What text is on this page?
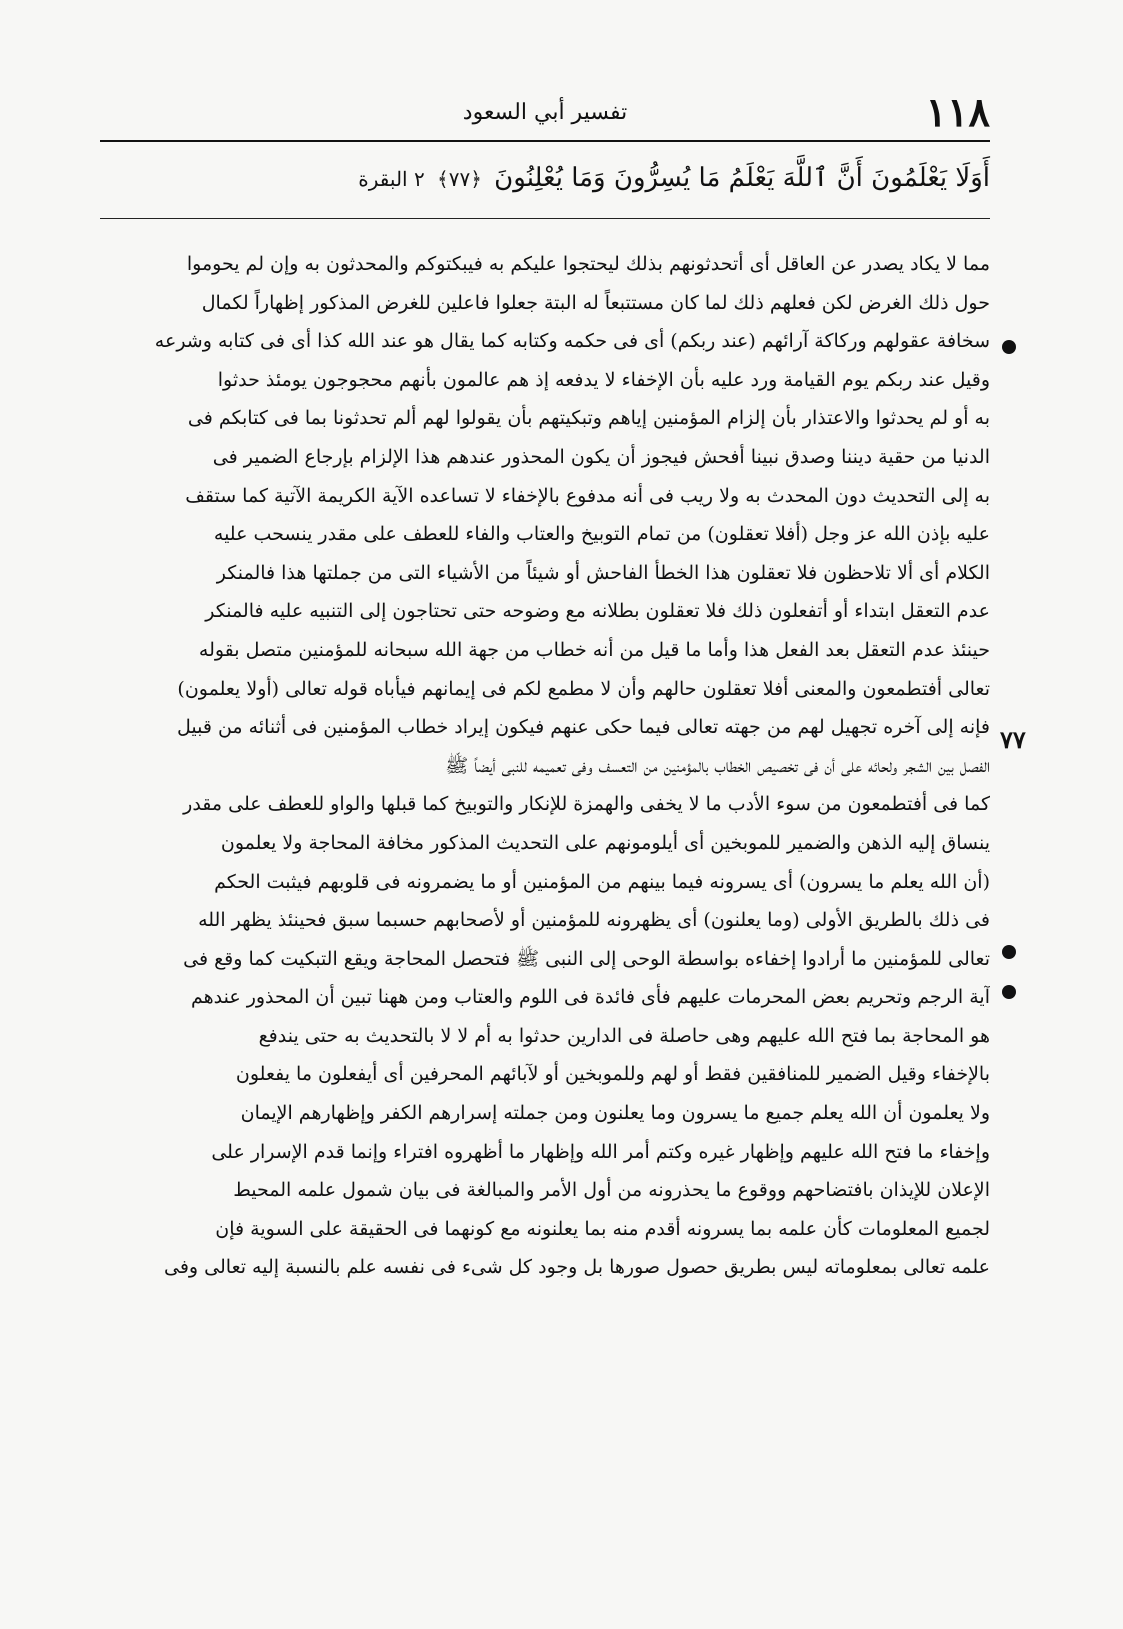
١١٨
تفسير أبي السعود
أَوَلَا يَعْلَمُونَ أَنَّ ٱللَّهَ يَعْلَمُ مَا يُسِرُّونَ وَمَا يُعْلِنُونَ ﴿٧٧﴾ ٢ البقرة
مما لا يكاد يصدر عن العاقل أى أتحدثونهم بذلك ليحتجوا عليكم به فيبكتوكم والمحدثون به وإن لم يحوموا
حول ذلك الغرض لكن فعلهم ذلك لما كان مستتبعاً له البتة جعلوا فاعلين للغرض المذكور إظهاراً لكمال
سخافة عقولهم وركاكة آرائهم (عند ربكم) أى فى حكمه وكتابه كما يقال هو عند الله كذا أى فى كتابه وشرعه
وقيل عند ربكم يوم القيامة ورد عليه بأن الإخفاء لا يدفعه إذ هم عالمون بأنهم محجوجون يومئذ حدثوا
به أو لم يحدثوا والاعتذار بأن إلزام المؤمنين إياهم وتبكيتهم بأن يقولوا لهم ألم تحدثونا بما فى كتابكم فى
الدنيا من حقية ديننا وصدق نبينا أفحش فيجوز أن يكون المحذور عندهم هذا الإلزام بإرجاع الضمير فى
به إلى التحديث دون المحدث به ولا ريب فى أنه مدفوع بالإخفاء لا تساعده الآية الكريمة الآتية كما ستقف
عليه بإذن الله عز وجل (أفلا تعقلون) من تمام التوبيخ والعتاب والفاء للعطف على مقدر ينسحب عليه
الكلام أى ألا تلاحظون فلا تعقلون هذا الخطأ الفاحش أو شيئاً من الأشياء التى من جملتها هذا فالمنكر
عدم التعقل ابتداء أو أتفعلون ذلك فلا تعقلون بطلانه مع وضوحه حتى تحتاجون إلى التنبيه عليه فالمنكر
حينئذ عدم التعقل بعد الفعل هذا وأما ما قيل من أنه خطاب من جهة الله سبحانه للمؤمنين متصل بقوله
تعالى أفتطمعون والمعنى أفلا تعقلون حالهم وأن لا مطمع لكم فى إيمانهم فيأباه قوله تعالى (أولا يعلمون)
فإنه إلى آخره تجهيل لهم من جهته تعالى فيما حكى عنهم فيكون إيراد خطاب المؤمنين فى أثنائه من قبيل
الفصل بين الشجر ولحائه على أن فى تخصيص الخطاب بالمؤمنين من التعسف وفى تعميمه للنبى أيضاً ﷺ
كما فى أفتطمعون من سوء الأدب ما لا يخفى والهمزة للإنكار والتوبيخ كما قبلها والواو للعطف على مقدر
ينساق إليه الذهن والضمير للموبخين أى أيلومونهم على التحديث المذكور مخافة المحاجة ولا يعلمون
(أن الله يعلم ما يسرون) أى يسرونه فيما بينهم من المؤمنين أو ما يضمرونه فى قلوبهم فيثبت الحكم
فى ذلك بالطريق الأولى (وما يعلنون) أى يظهرونه للمؤمنين أو لأصحابهم حسبما سبق فحينئذ يظهر الله
تعالى للمؤمنين ما أرادوا إخفاءه بواسطة الوحى إلى النبى ﷺ فتحصل المحاجة ويقع التبكيت كما وقع فى
آية الرجم وتحريم بعض المحرمات عليهم فأى فائدة فى اللوم والعتاب ومن ههنا تبين أن المحذور عندهم
هو المحاجة بما فتح الله عليهم وهى حاصلة فى الدارين حدثوا به أم لا لا بالتحديث به حتى يندفع
بالإخفاء وقيل الضمير للمنافقين فقط أو لهم وللموبخين أو لآبائهم المحرفين أى أيفعلون ما يفعلون
ولا يعلمون أن الله يعلم جميع ما يسرون وما يعلنون ومن جملته إسرارهم الكفر وإظهارهم الإيمان
وإخفاء ما فتح الله عليهم وإظهار غيره وكتم أمر الله وإظهار ما أظهروه افتراء وإنما قدم الإسرار على
الإعلان للإيذان بافتضاحهم ووقوع ما يحذرونه من أول الأمر والمبالغة فى بيان شمول علمه المحيط
لجميع المعلومات كأن علمه بما يسرونه أقدم منه بما يعلنونه مع كونهما فى الحقيقة على السوية فإن
علمه تعالى بمعلوماته ليس بطريق حصول صورها بل وجود كل شىء فى نفسه علم بالنسبة إليه تعالى وفى
٧٧
